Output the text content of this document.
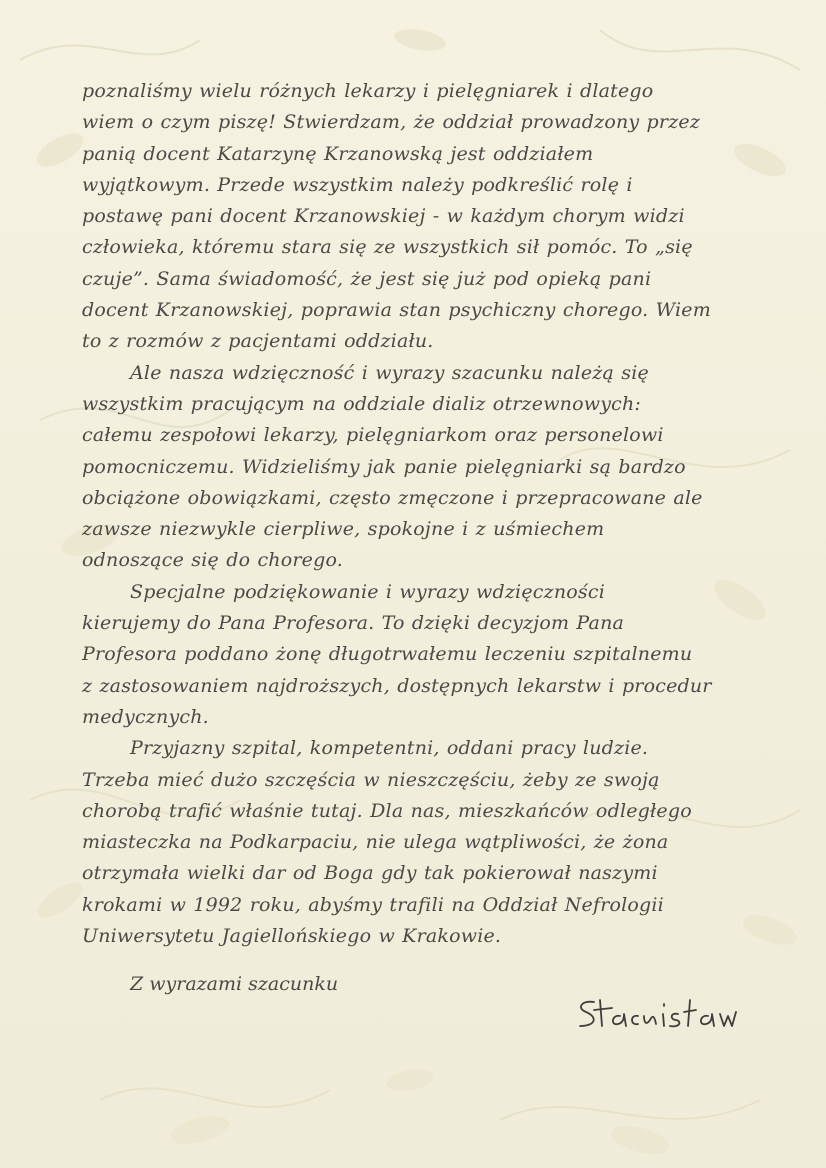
poznaliśmy wielu różnych lekarzy i pielęgniarek i dlatego
wiem o czym piszę! Stwierdzam, że oddział prowadzony przez
panią docent Katarzynę Krzanowską jest oddziałem
wyjątkowym. Przede wszystkim należy podkreślić rolę i
postawę pani docent Krzanowskiej - w każdym chorym widzi
człowieka, któremu stara się ze wszystkich sił pomóc. To „się
czuje”. Sama świadomość, że jest się już pod opieką pani
docent Krzanowskiej, poprawia stan psychiczny chorego. Wiem
to z rozmów z pacjentami oddziału.
Ale nasza wdzięczność i wyrazy szacunku należą się
wszystkim pracującym na oddziale dializ otrzewnowych:
całemu zespołowi lekarzy, pielęgniarkom oraz personelowi
pomocniczemu. Widzieliśmy jak panie pielęgniarki są bardzo
obciążone obowiązkami, często zmęczone i przepracowane ale
zawsze niezwykle cierpliwe, spokojne i z uśmiechem
odnoszące się do chorego.
Specjalne podziękowanie i wyrazy wdzięczności
kierujemy do Pana Profesora. To dzięki decyzjom Pana
Profesora poddano żonę długotrwałemu leczeniu szpitalnemu
z zastosowaniem najdroższych, dostępnych lekarstw i procedur
medycznych.
Przyjazny szpital, kompetentni, oddani pracy ludzie.
Trzeba mieć dużo szczęścia w nieszczęściu, żeby ze swoją
chorobą trafić właśnie tutaj. Dla nas, mieszkańców odległego
miasteczka na Podkarpaciu, nie ulega wątpliwości, że żona
otrzymała wielki dar od Boga gdy tak pokierował naszymi
krokami w 1992 roku, abyśmy trafili na Oddział Nefrologii
Uniwersytetu Jagiellońskiego w Krakowie.
Z wyrazami szacunku
